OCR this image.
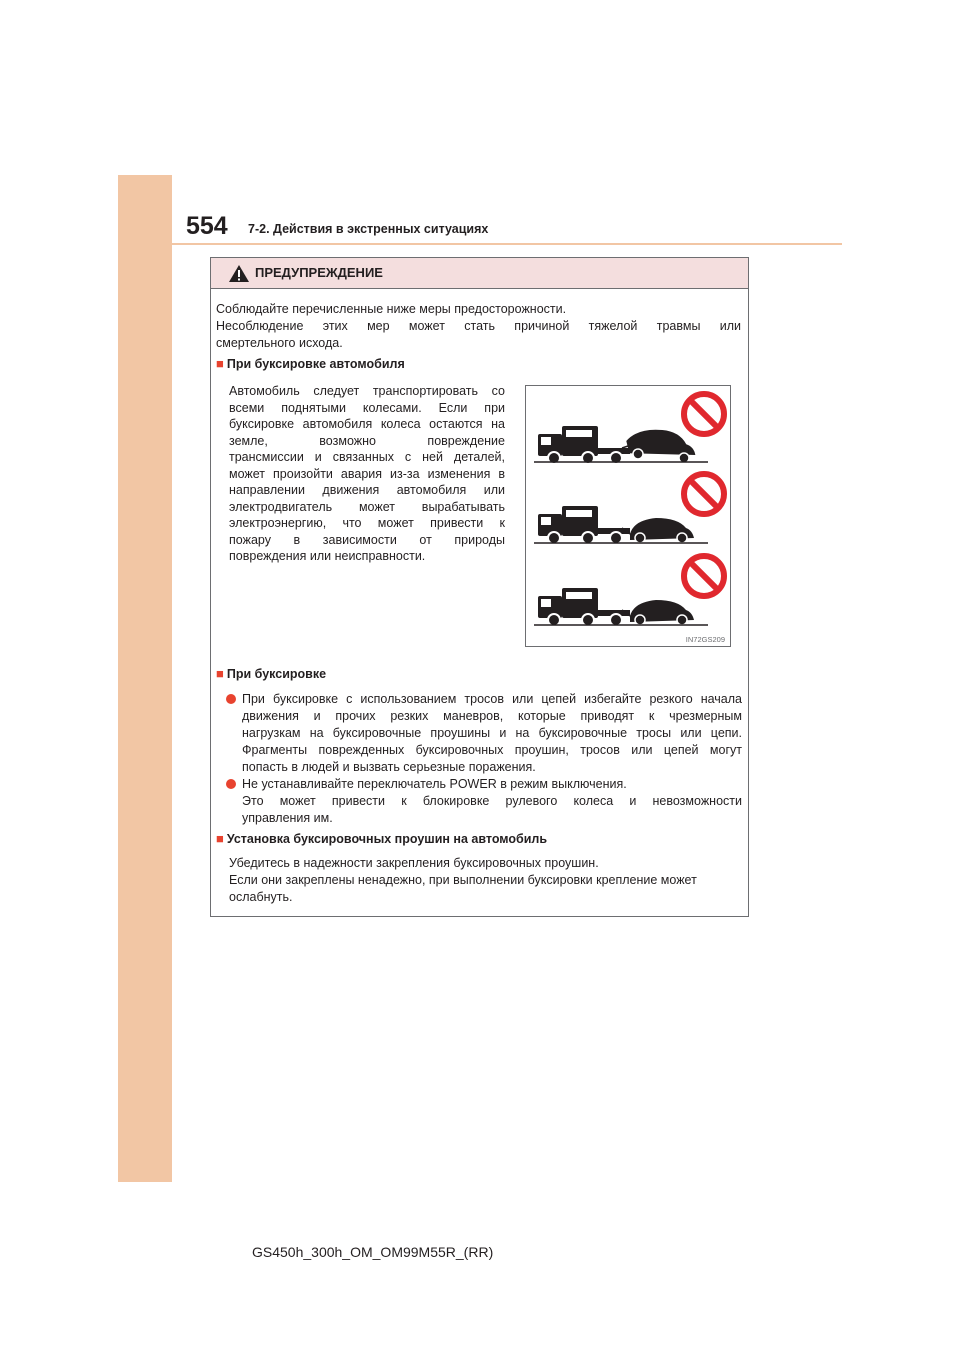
554 7-2. Действия в экстренных ситуациях
ПРЕДУПРЕЖДЕНИЕ
Соблюдайте перечисленные ниже меры предосторожности.
Несоблюдение этих мер может стать причиной тяжелой травмы или
смертельного исхода.
■ При буксировке автомобиля
Автомобиль следует транспортировать со
всеми поднятыми колесами. Если при
буксировке автомобиля колеса остаются на
земле, возможно повреждение
трансмиссии и связанных с ней деталей,
может произойти авария из-за изменения в
направлении движения автомобиля или
электродвигатель может вырабатывать
электроэнергию, что может привести к
пожару в зависимости от природы
повреждения или неисправности.
IN72GS209
■ При буксировке
При буксировке с использованием тросов или цепей избегайте резкого начала
движения и прочих резких маневров, которые приводят к чрезмерным
нагрузкам на буксировочные проушины и на буксировочные тросы или цепи.
Фрагменты поврежденных буксировочных проушин, тросов или цепей могут
попасть в людей и вызвать серьезные поражения.
Не устанавливайте переключатель POWER в режим выключения.
Это может привести к блокировке рулевого колеса и невозможности
управления им.
■ Установка буксировочных проушин на автомобиль
Убедитесь в надежности закрепления буксировочных проушин.
Если они закреплены ненадежно, при выполнении буксировки крепление может
ослабнуть.
GS450h_300h_OM_OM99M55R_(RR)
